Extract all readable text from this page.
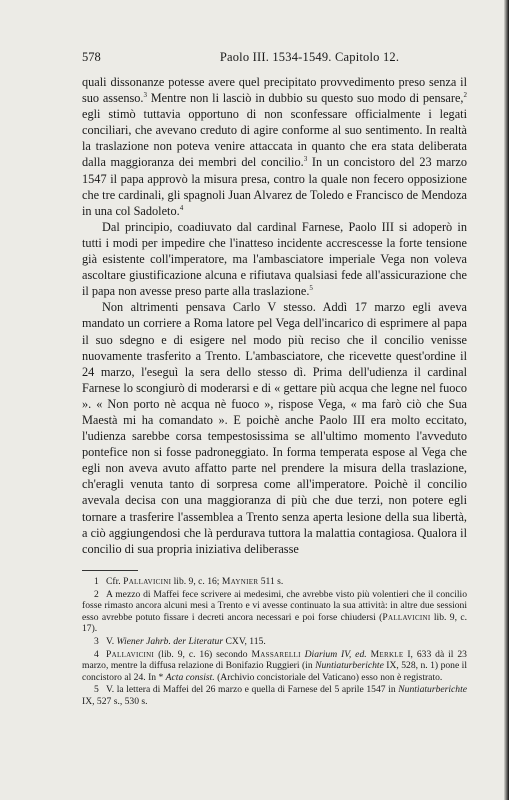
578	Paolo III. 1534-1549. Capitolo 12.

quali dissonanze potesse avere quel precipitato provvedimento preso senza il suo assenso.$^3$ Mentre non li lasciò in dubbio su questo suo modo di pensare,$^2$ egli stimò tuttavia opportuno di non sconfessare officialmente i legati conciliari, che avevano creduto di agire conforme al suo sentimento. In realtà la traslazione non poteva venire attaccata in quanto che era stata deliberata dalla maggioranza dei membri del concilio.$^3$ In un concistoro del 23 marzo 1547 il papa approvò la misura presa, contro la quale non fecero opposizione che tre cardinali, gli spagnoli Juan Alvarez de Toledo e Francisco de Mendoza in una col Sadoleto.$^4$

Dal principio, coadiuvato dal cardinal Farnese, Paolo III si adoperò in tutti i modi per impedire che l'inatteso incidente accrescesse la forte tensione già esistente coll'imperatore, ma l'ambasciatore imperiale Vega non voleva ascoltare giustificazione alcuna e rifiutava qualsiasi fede all'assicurazione che il papa non avesse preso parte alla traslazione.$^5$

Non altrimenti pensava Carlo V stesso. Addì 17 marzo egli aveva mandato un corriere a Roma latore pel Vega dell'incarico di esprimere al papa il suo sdegno e di esigere nel modo più reciso che il concilio venisse nuovamente trasferito a Trento. L'ambasciatore, che ricevette quest'ordine il 24 marzo, l'eseguì la sera dello stesso dì. Prima dell'udienza il cardinal Farnese lo scongiurò di moderarsi e di « gettare più acqua che legne nel fuoco ». « Non porto nè acqua nè fuoco », rispose Vega, « ma farò ciò che Sua Maestà mi ha comandato ». E poichè anche Paolo III era molto eccitato, l'udienza sarebbe corsa tempestosissima se all'ultimo momento l'avveduto pontefice non si fosse padroneggiato. In forma temperata espose al Vega che egli non aveva avuto affatto parte nel prendere la misura della traslazione, ch'eragli venuta tanto di sorpresa come all'imperatore. Poichè il concilio avevala decisa con una maggioranza di più che due terzi, non potere egli tornare a trasferire l'assemblea a Trento senza aperta lesione della sua libertà, a ciò aggiungendosi che là perdurava tuttora la malattia contagiosa. Qualora il concilio di sua propria iniziativa deliberasse

1 Cfr. Pallavicini lib. 9, c. 16; Maynier 511 s.

2 A mezzo di Maffei fece scrivere ai medesimi, che avrebbe visto più volentieri che il concilio fosse rimasto ancora alcuni mesi a Trento e vi avesse continuato la sua attività: in altre due sessioni esso avrebbe potuto fissare i decreti ancora necessari e poi forse chiudersi (Pallavicini lib. 9, c. 17).

3 V. Wiener Jahrb. der Literatur CXV, 115.

4 Pallavicini (lib. 9, c. 16) secondo Massarelli Diarium IV, ed. Merkle I, 633 dà il 23 marzo, mentre la diffusa relazione di Bonifazio Ruggieri (in Nuntiaturberichte IX, 528, n. 1) pone il concistoro al 24. In * Acta consist. (Archivio concistoriale del Vaticano) esso non è registrato.

5 V. la lettera di Maffei del 26 marzo e quella di Farnese del 5 aprile 1547 in Nuntiaturberichte IX, 527 s., 530 s.
